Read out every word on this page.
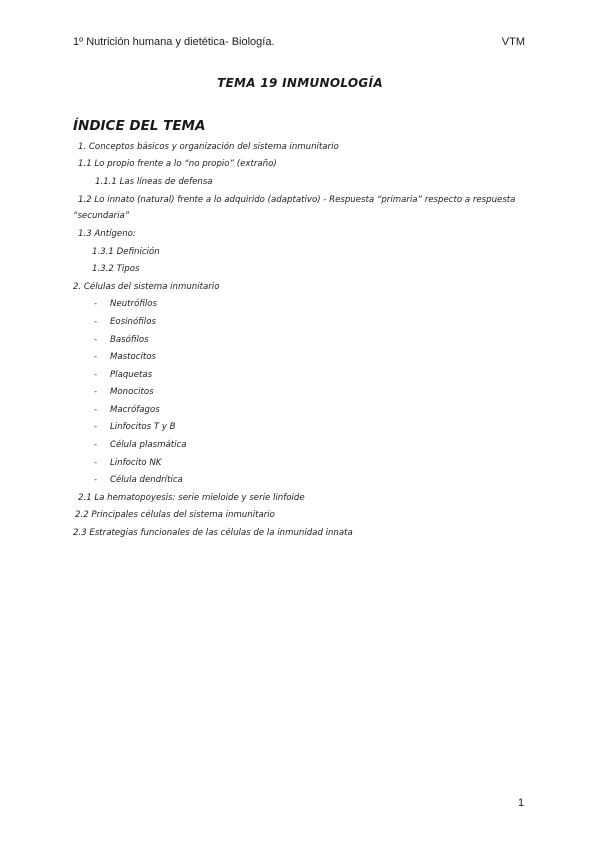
1º Nutrición humana y dietética- Biología.	VTM
TEMA 19 INMUNOLOGÍA
ÍNDICE DEL TEMA
1. Conceptos básicos y organización del sistema inmunitario
1.1 Lo propio frente a lo “no propio” (extraño)
1.1.1 Las líneas de defensa
1.2 Lo innato (natural) frente a lo adquirido (adaptativo) - Respuesta “primaria” respecto a respuesta
“secundaria”
1.3 Antígeno:
1.3.1 Definición
1.3.2 Tipos
2. Células del sistema inmunitario
- Neutrófilos
- Eosinófilos
- Basófilos
- Mastocitos
- Plaquetas
- Monocitos
- Macrófagos
- Linfocitos T y B
- Célula plasmática
- Linfocito NK
- Célula dendrítica
2.1 La hematopoyesis: serie mieloide y serie linfoide
2.2 Principales células del sistema inmunitario
2.3 Estrategias funcionales de las células de la inmunidad innata
1
